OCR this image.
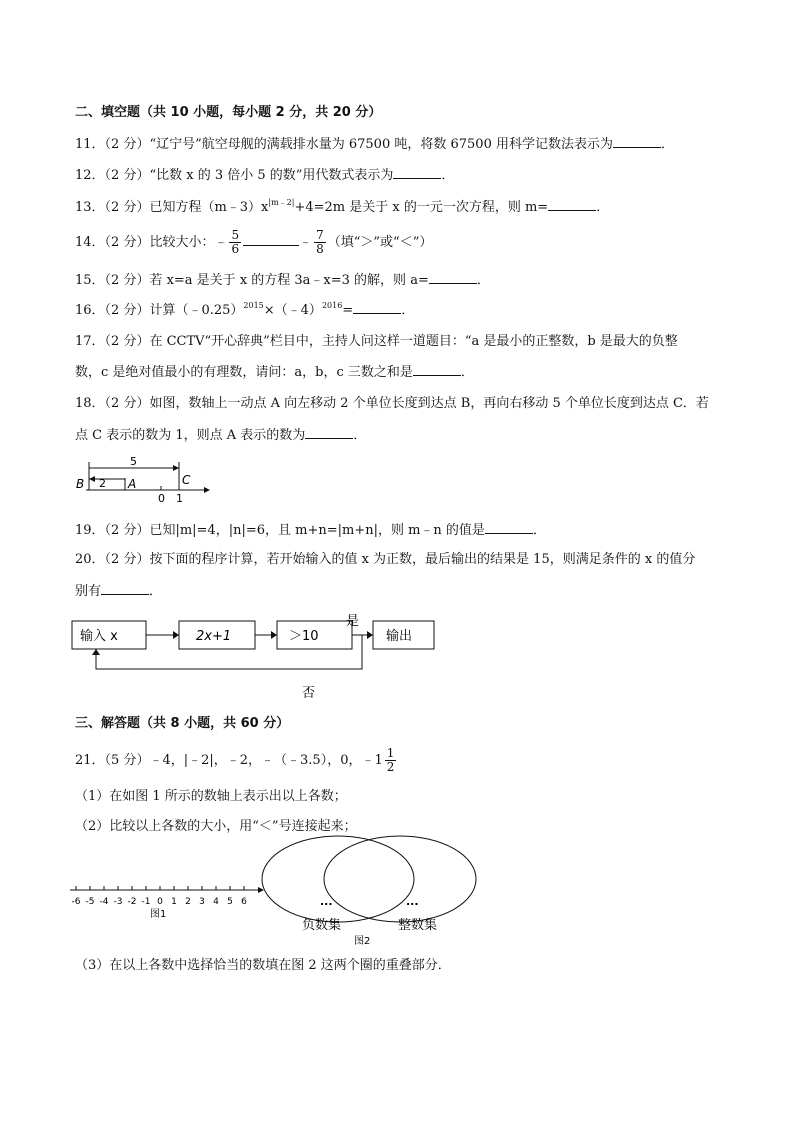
二、填空题（共 10 小题，每小题 2 分，共 20 分）
11．（2 分）“辽宁号”航空母舰的满载排水量为 67500 吨，将数 67500 用科学记数法表示为	．
12．（2 分）“比数 x 的 3 倍小 5 的数”用代数式表示为	．
13．（2 分）已知方程$(m﹣3)x^{|m﹣2|}+4=2m$ 是关于 x 的一元一次方程，则 m=	．
14．（2 分）比较大小：﹣ $\frac{5}{6}$	﹣ $\frac{7}{8}$ （填“＞”或“＜”）
15．（2 分）若 x=a 是关于 x 的方程 3a﹣x=3 的解，则 a=	．
16．（2 分）计算（﹣0.25）$^{2015}$×（﹣4）$^{2016}$=	．
17．（2 分）在 CCTV“开心辞典”栏目中，主持人问这样一道题目：“a 是最小的正整数，b 是最大的负整
数，c 是绝对值最小的有理数，请问：a，b，c 三数之和是	．
18．（2 分）如图，数轴上一动点 A 向左移动 2 个单位长度到达点 B，再向右移动 5 个单位长度到达点 C．若
点 C 表示的数为 1，则点 A 表示的数为	．
5
2
B	A	C
0 1
19．（2 分）已知|m|=4，|n|=6，且 m+n=|m+n|，则 m﹣n 的值是	．
20．（2 分）按下面的程序计算，若开始输入的值 x 为正数，最后输出的结果是 15，则满足条件的 x 的值分
别有	．
输入 x	2x+1	＞10
是
输出
否
三、解答题（共 8 小题，共 60 分）
21．（5 分）﹣4，|﹣2|，﹣2，﹣（﹣3.5），0，﹣1 $\frac{1}{2}$
（1）在如图 1 所示的数轴上表示出以上各数；
（2）比较以上各数的大小，用“＜”号连接起来；
-6 -5 -4 -3 -2 -1 0 1 2 3 4 5 6
图1
...	...
负数集	整数集
图2
（3）在以上各数中选择恰当的数填在图 2 这两个圈的重叠部分．
